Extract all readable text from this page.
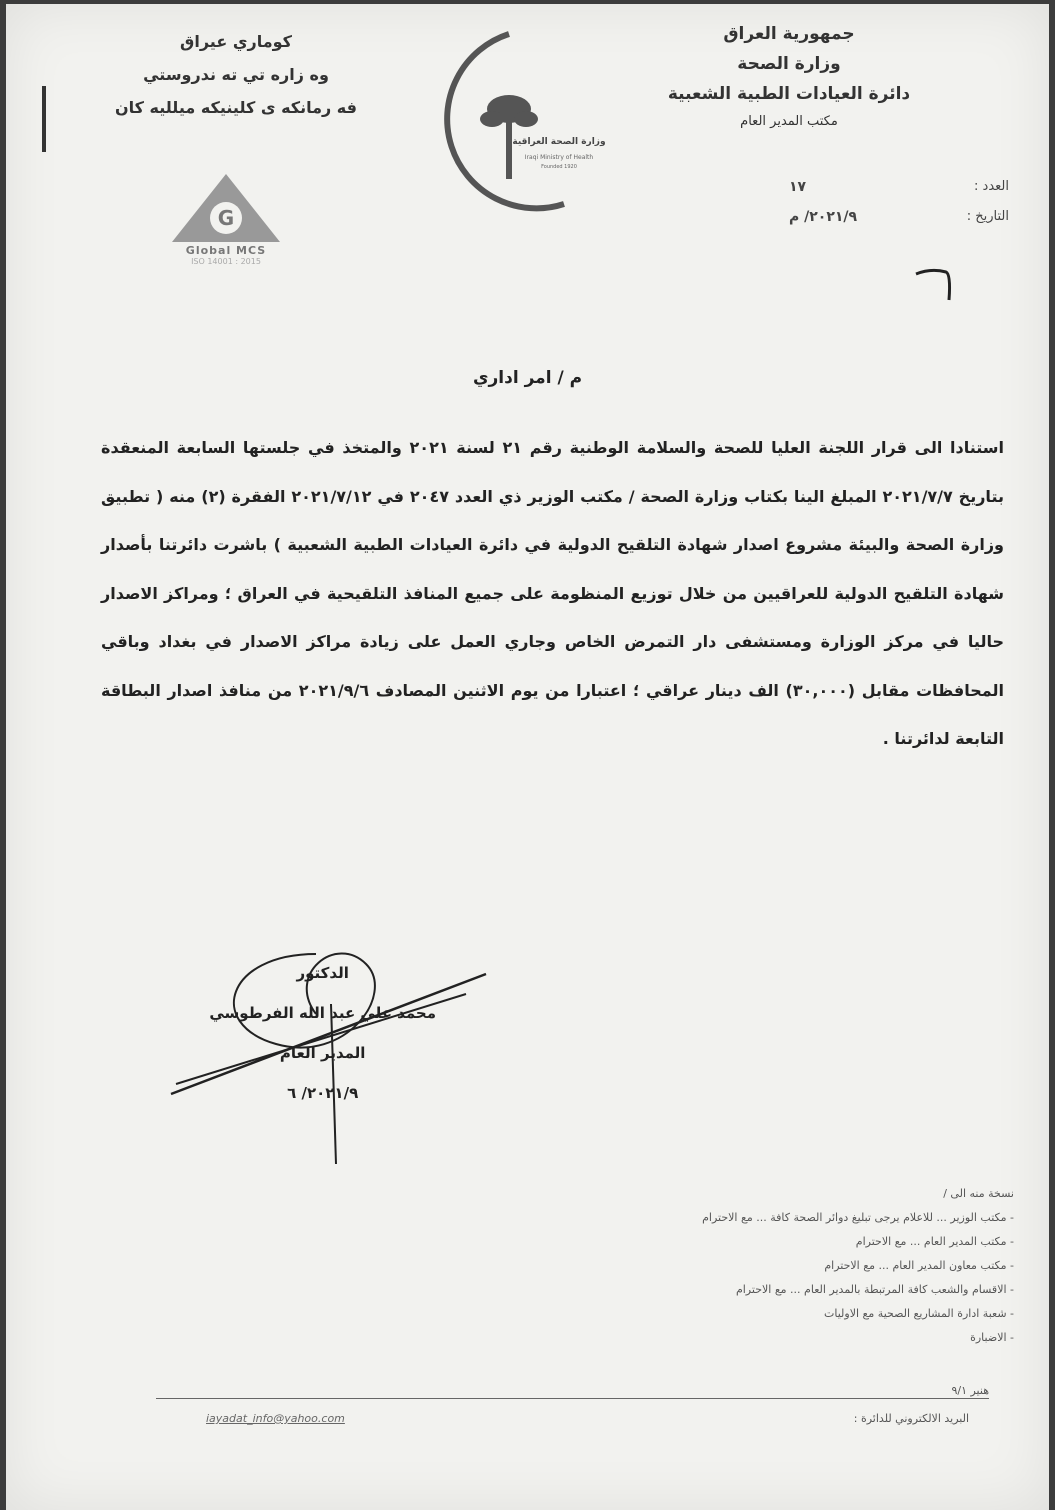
جمهورية العراق
وزارة الصحة
دائرة العيادات الطبية الشعبية
مكتب المدير العام
كوماري عيراق
وه زاره تي ته ندروستي
فه رمانكه ى كلينيكه ميلليه كان
وزارة الصحة العراقية
Iraqi Ministry of Health
Founded 1920
G
Global MCS
ISO 14001 : 2015
العدد :
١٧
التاريخ :
٢٠٢١/٩/ م
م / امر اداري
استنادا الى قرار اللجنة العليا للصحة والسلامة الوطنية رقم ٢١ لسنة ٢٠٢١ والمتخذ في جلستها السابعة المنعقدة بتاريخ ٢٠٢١/٧/٧ المبلغ الينا بكتاب وزارة الصحة / مكتب الوزير ذي العدد ٢٠٤٧ في ٢٠٢١/٧/١٢ الفقرة (٢) منه ( تطبيق وزارة الصحة والبيئة مشروع اصدار شهادة التلقيح الدولية في دائرة العيادات الطبية الشعبية ) باشرت دائرتنا بأصدار شهادة التلقيح الدولية للعراقيين من خلال توزيع المنظومة على جميع المنافذ التلقيحية في العراق ؛ ومراكز الاصدار حاليا في مركز الوزارة ومستشفى دار التمرض الخاص وجاري العمل على زيادة مراكز الاصدار في بغداد وباقي المحافظات مقابل (٣٠,٠٠٠) الف دينار عراقي ؛ اعتبارا من يوم الاثنين المصادف ٢٠٢١/٩/٦ من منافذ اصدار البطاقة التابعة لدائرتنا .
الدكتور
محمد علي عبد الله الفرطوسي
المدير العام
٢٠٢١/٩/ ٦
نسخة منه الى /
- مكتب الوزير ... للاعلام يرجى تبليغ دوائر الصحة كافة ... مع الاحترام
- مكتب المدير العام ... مع الاحترام
- مكتب معاون المدير العام ... مع الاحترام
- الاقسام والشعب كافة المرتبطة بالمدير العام ... مع الاحترام
- شعبة ادارة المشاريع الصحية مع الاوليات
- الاضبارة
هنير ٩/١
البريد الالكتروني للدائرة :
iayadat_info@yahoo.com
